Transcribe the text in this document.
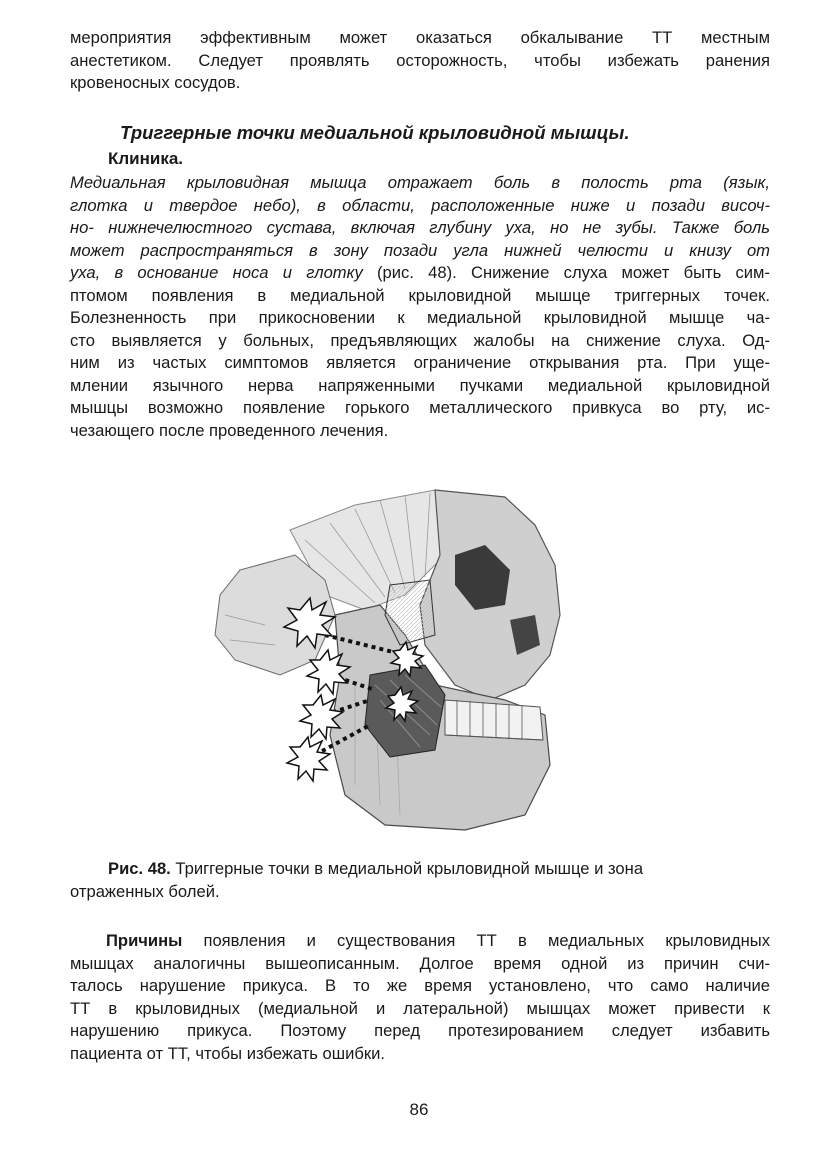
мероприятия эффективным может оказаться обкалывание ТТ местным
анестетиком. Следует проявлять осторожность, чтобы избежать ранения
кровеносных сосудов.

Триггерные точки медиальной крыловидной мышцы.
Клиника.

Медиальная крыловидная мышца отражает боль в полость рта (язык,
глотка и твердое небо), в области, расположенные ниже и позади височ-
но- нижнечелюстного сустава, включая глубину уха, но не зубы. Также боль
может распространяться в зону позади угла нижней челюсти и книзу от
уха, в основание носа и глотку (рис. 48). Снижение слуха может быть сим-
птомом появления в медиальной крыловидной мышце триггерных точек.
Болезненность при прикосновении к медиальной крыловидной мышце ча-
сто выявляется у больных, предъявляющих жалобы на снижение слуха. Од-
ним из частых симптомов является ограничение открывания рта. При уще-
млении язычного нерва напряженными пучками медиальной крыловидной
мышцы возможно появление горького металлического привкуса во рту, ис-
чезающего после проведенного лечения.

Рис. 48. Триггерные точки в медиальной крыловидной мышце и зона
отраженных болей.

Причины появления и существования ТТ в медиальных крыловидных
мышцах аналогичны вышеописанным. Долгое время одной из причин счи-
талось нарушение прикуса. В то же время установлено, что само наличие
ТТ в крыловидных (медиальной и латеральной) мышцах может привести к
нарушению прикуса. Поэтому перед протезированием следует избавить
пациента от ТТ, чтобы избежать ошибки.

86
